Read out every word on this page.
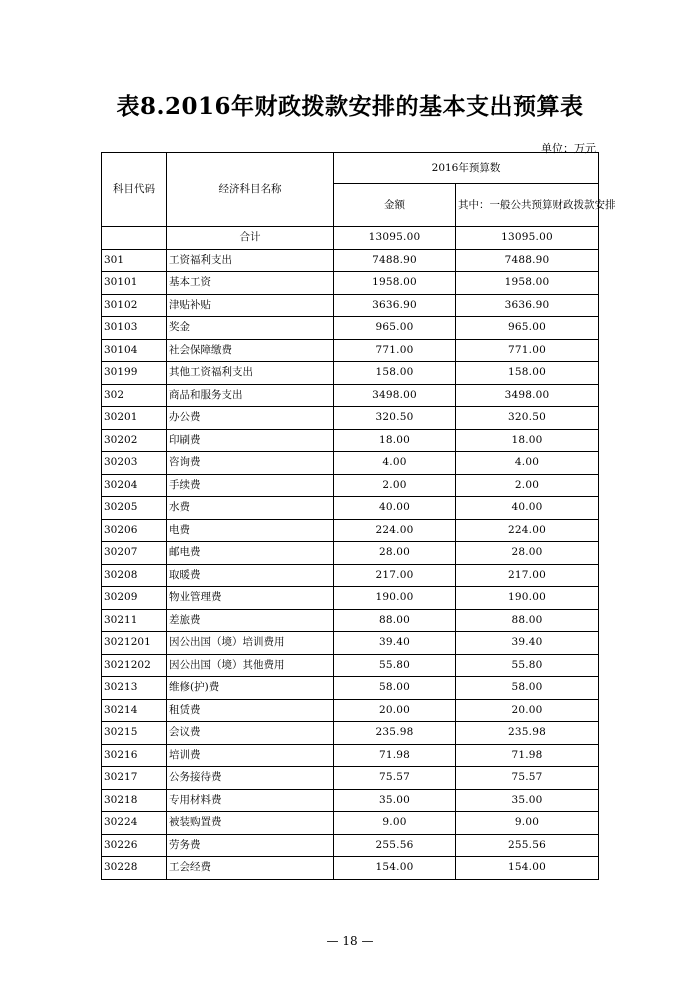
表8.2016年财政拨款安排的基本支出预算表
单位：万元
科目代码	经济科目名称	2016年预算数	
		金额	其中：一般公共预算财政拨款安排
	合计	13095.00	13095.00
301	工资福利支出	7488.90	7488.90
30101	基本工资	1958.00	1958.00
30102	津贴补贴	3636.90	3636.90
30103	奖金	965.00	965.00
30104	社会保障缴费	771.00	771.00
30199	其他工资福利支出	158.00	158.00
302	商品和服务支出	3498.00	3498.00
30201	办公费	320.50	320.50
30202	印刷费	18.00	18.00
30203	咨询费	4.00	4.00
30204	手续费	2.00	2.00
30205	水费	40.00	40.00
30206	电费	224.00	224.00
30207	邮电费	28.00	28.00
30208	取暖费	217.00	217.00
30209	物业管理费	190.00	190.00
30211	差旅费	88.00	88.00
3021201	因公出国（境）培训费用	39.40	39.40
3021202	因公出国（境）其他费用	55.80	55.80
30213	维修(护)费	58.00	58.00
30214	租赁费	20.00	20.00
30215	会议费	235.98	235.98
30216	培训费	71.98	71.98
30217	公务接待费	75.57	75.57
30218	专用材料费	35.00	35.00
30224	被装购置费	9.00	9.00
30226	劳务费	255.56	255.56
30228	工会经费	154.00	154.00
— 18 —
